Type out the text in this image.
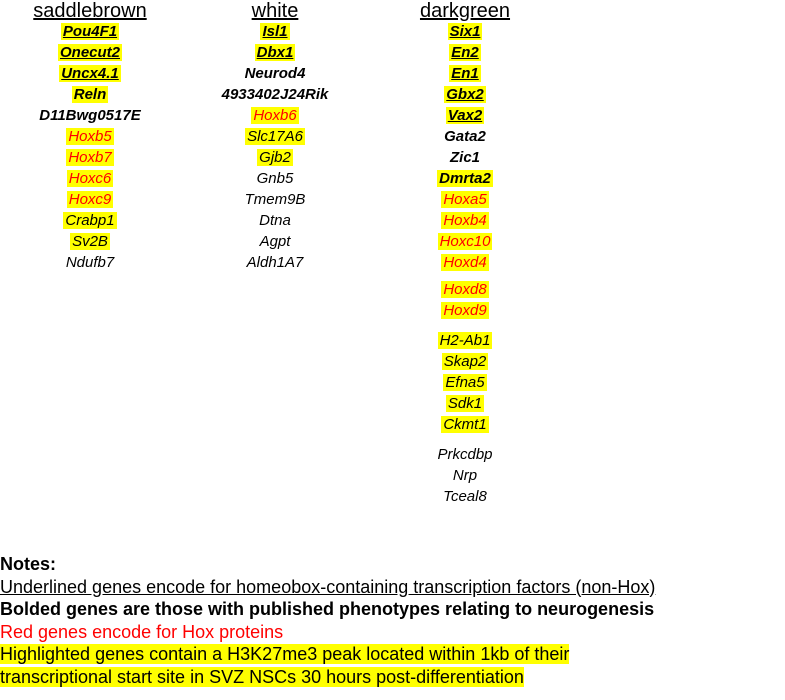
saddlebrown
Pou4F1
Onecut2
Uncx4.1
Reln
D11Bwg0517E
Hoxb5
Hoxb7
Hoxc6
Hoxc9
Crabp1
Sv2B
Ndufb7
white
Isl1
Dbx1
Neurod4
4933402J24Rik
Hoxb6
Slc17A6
Gjb2
Gnb5
Tmem9B
Dtna
Agpt
Aldh1A7
darkgreen
Six1
En2
En1
Gbx2
Vax2
Gata2
Zic1
Dmrta2
Hoxa5
Hoxb4
Hoxc10
Hoxd4
Hoxd8
Hoxd9
H2-Ab1
Skap2
Efna5
Sdk1
Ckmt1
Prkcdbp
Nrp
Tceal8
Notes:
Underlined genes encode for homeobox-containing transcription factors (non-Hox)
Bolded genes are those with published phenotypes relating to neurogenesis
Red genes encode for Hox proteins
Highlighted genes contain a H3K27me3 peak located within 1kb of their
transcriptional start site in SVZ NSCs 30 hours post-differentiation
